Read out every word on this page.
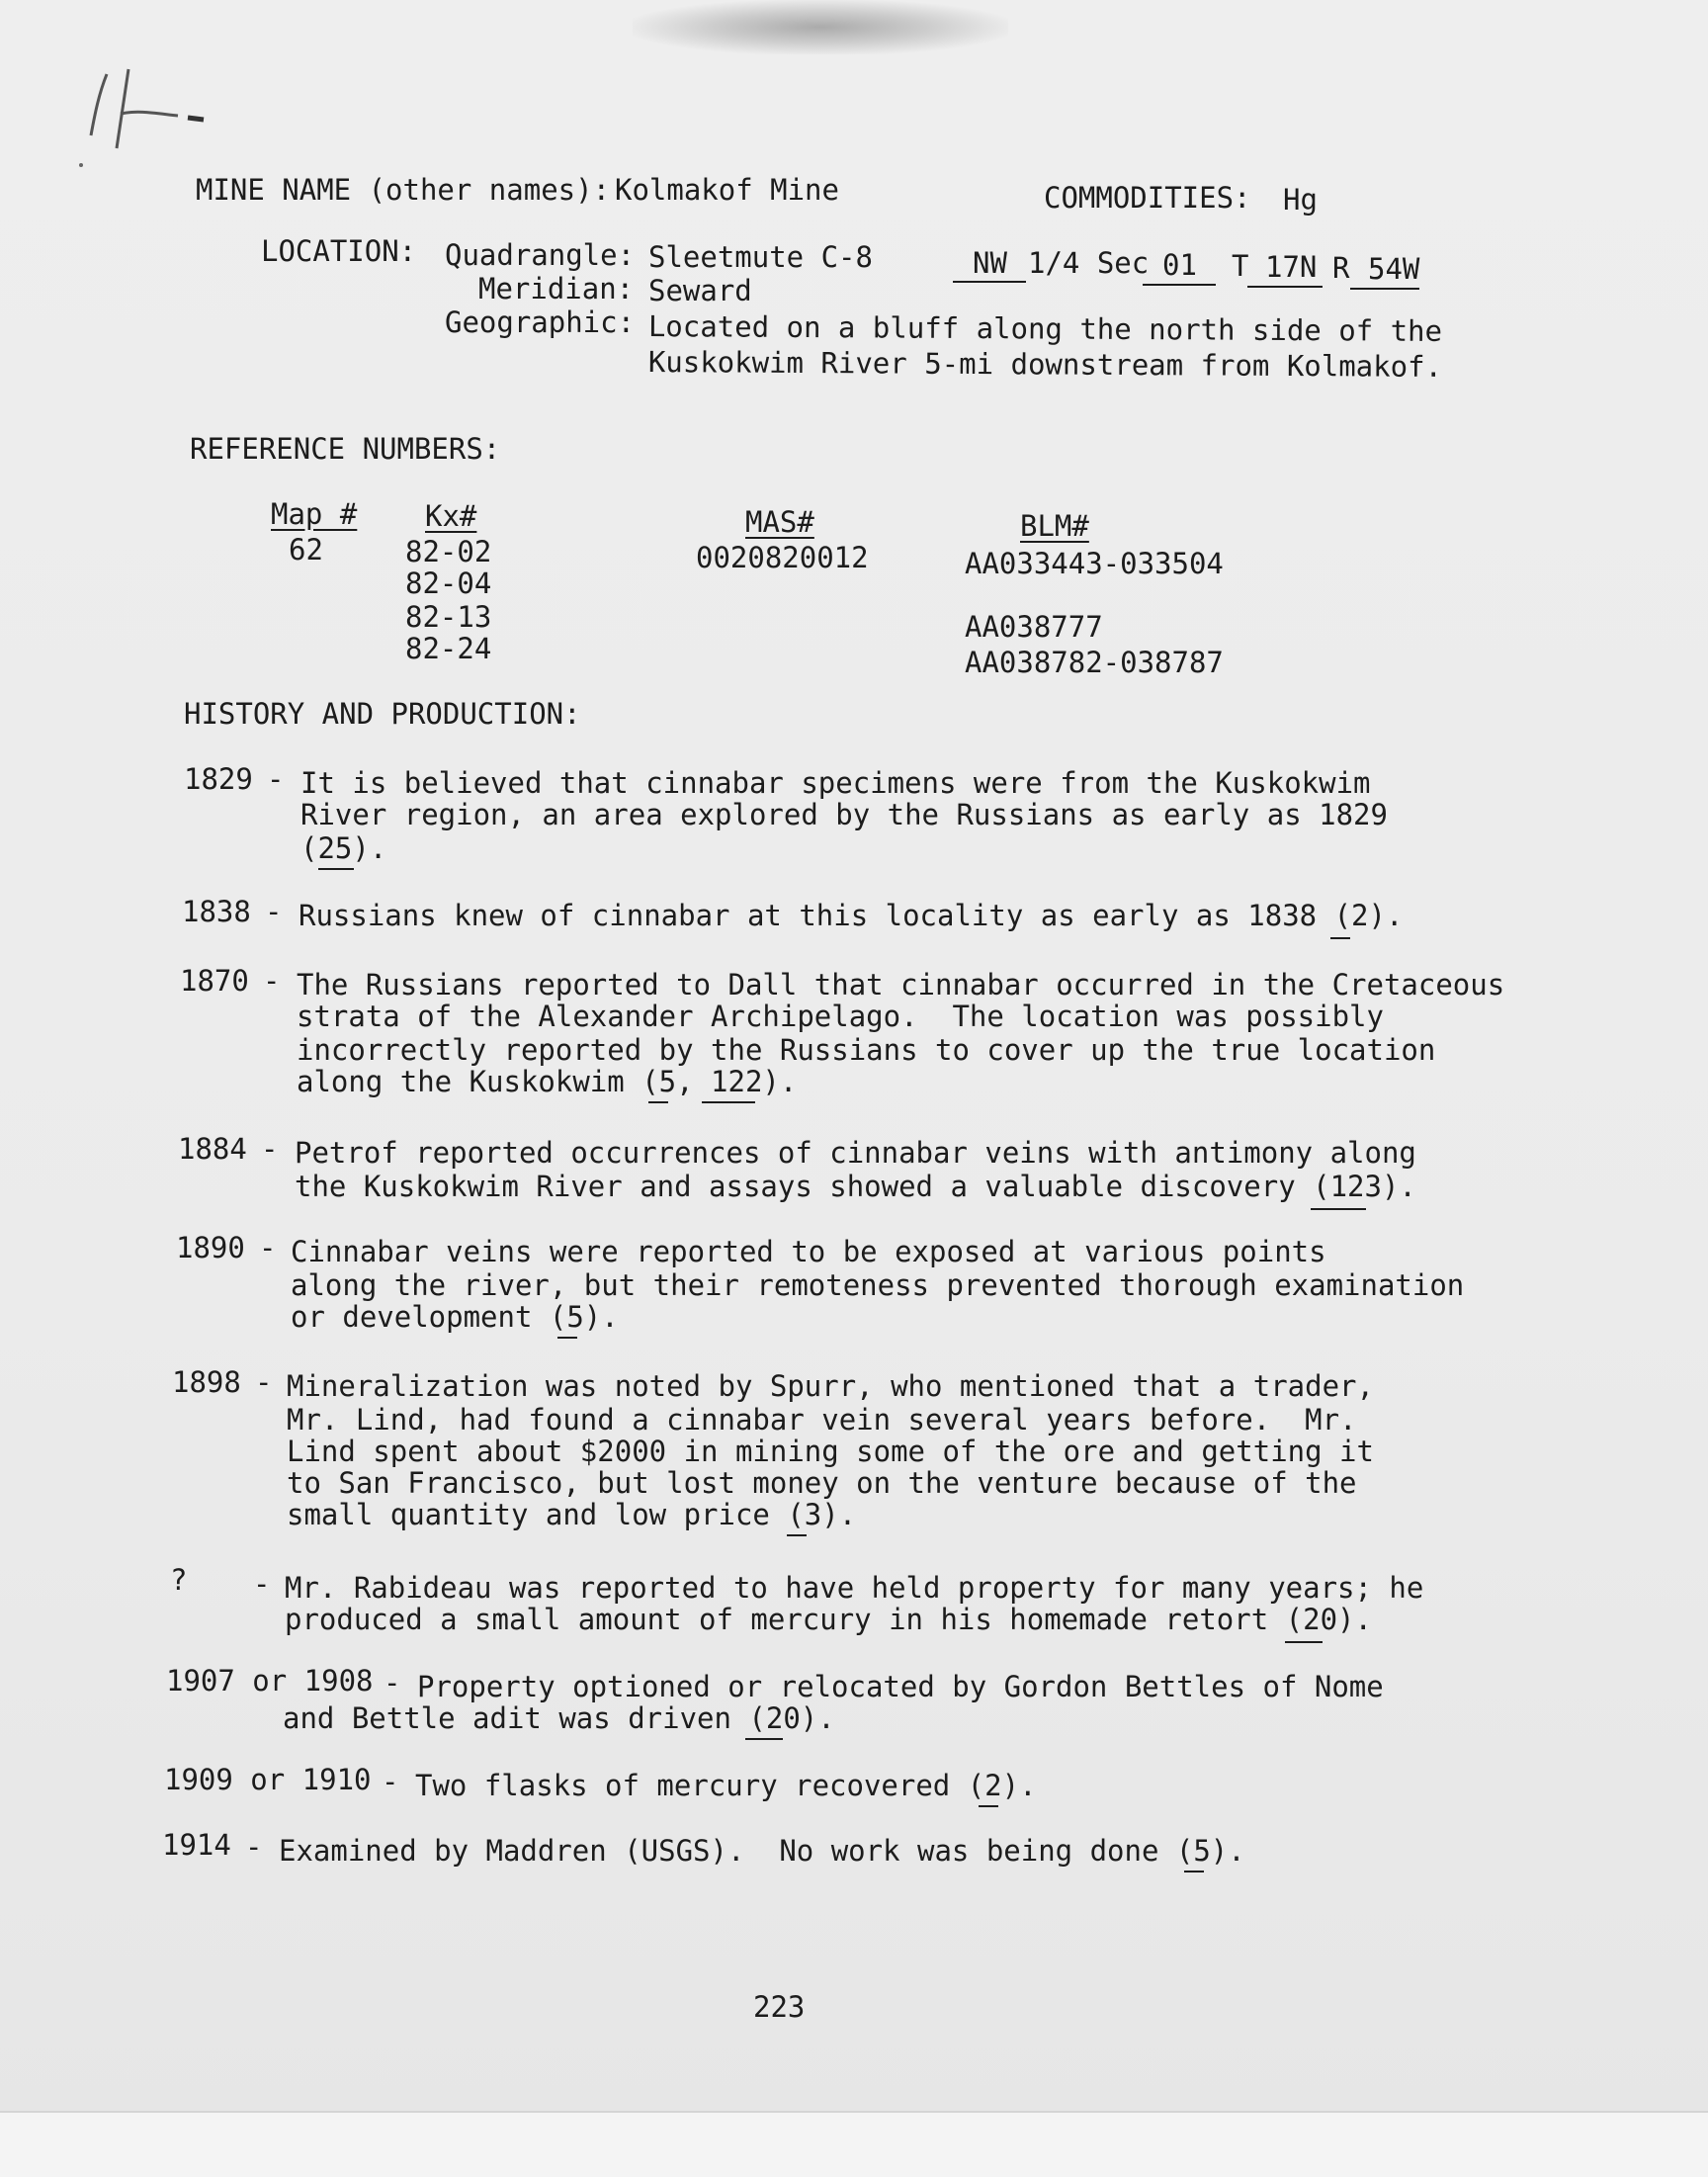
MINE NAME (other names): Kolmakof Mine	COMMODITIES: Hg
LOCATION: Quadrangle: Sleetmute C-8	NW 1/4 Sec 01 T 17N R 54W
Meridian: Seward
Geographic: Located on a bluff along the north side of the
Kuskokwim River 5-mi downstream from Kolmakof.
REFERENCE NUMBERS:
Map #
62
Kx#
82-02
82-04
82-13
82-24
MAS#
0020820012
BLM#
AA033443-033504
AA038777
AA038782-038787
HISTORY AND PRODUCTION:
1829 - It is believed that cinnabar specimens were from the Kuskokwim
River region, an area explored by the Russians as early as 1829
(25).
1838 - Russians knew of cinnabar at this locality as early as 1838 (2).
1870 - The Russians reported to Dall that cinnabar occurred in the Cretaceous
strata of the Alexander Archipelago.  The location was possibly
incorrectly reported by the Russians to cover up the true location
along the Kuskokwim (5, 122).
1884 - Petrof reported occurrences of cinnabar veins with antimony along
the Kuskokwim River and assays showed a valuable discovery (123).
1890 - Cinnabar veins were reported to be exposed at various points
along the river, but their remoteness prevented thorough examination
or development (5).
1898 - Mineralization was noted by Spurr, who mentioned that a trader,
Mr. Lind, had found a cinnabar vein several years before.  Mr.
Lind spent about $2000 in mining some of the ore and getting it
to San Francisco, but lost money on the venture because of the
small quantity and low price (3).
? - Mr. Rabideau was reported to have held property for many years; he
produced a small amount of mercury in his homemade retort (20).
1907 or 1908 - Property optioned or relocated by Gordon Bettles of Nome
and Bettle adit was driven (20).
1909 or 1910 - Two flasks of mercury recovered (2).
1914 - Examined by Maddren (USGS).  No work was being done (5).
223
